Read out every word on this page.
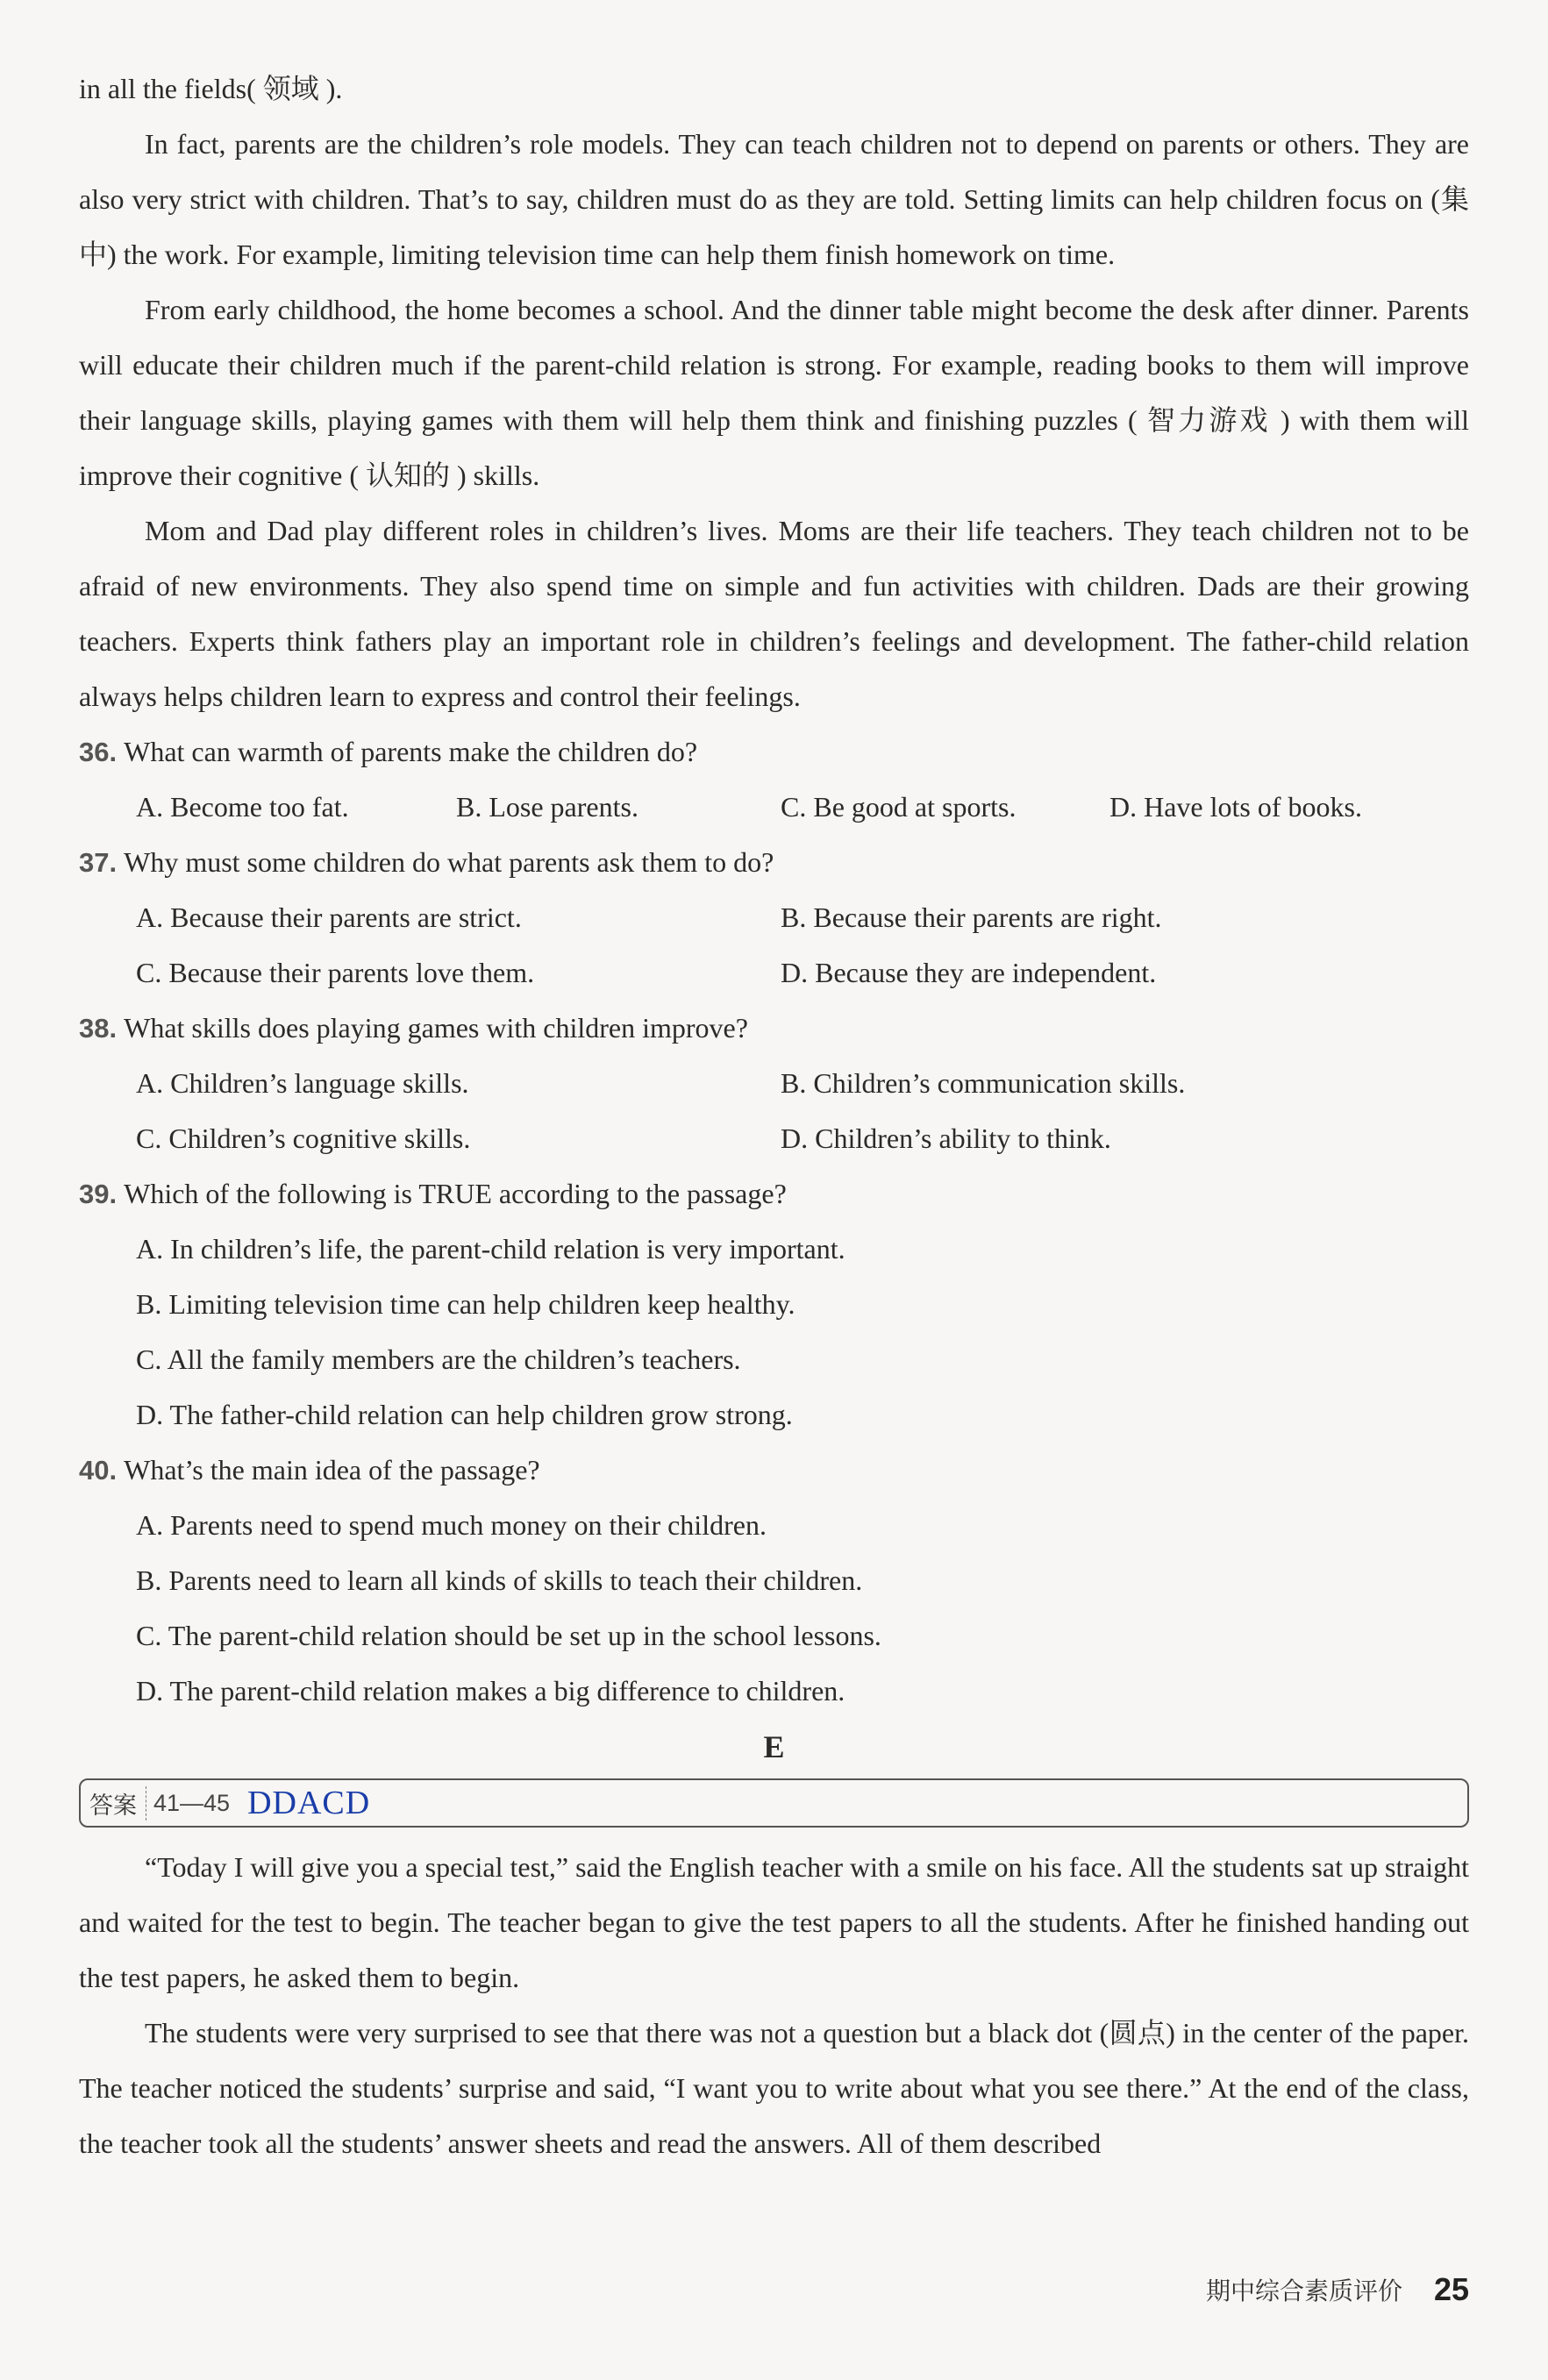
in all the fields( 领域 ).

In fact, parents are the children’s role models. They can teach children not to depend on parents or others. They are also very strict with children. That’s to say, children must do as they are told. Setting limits can help children focus on (集中) the work. For example, limiting television time can help them finish homework on time.

From early childhood, the home becomes a school. And the dinner table might become the desk after dinner. Parents will educate their children much if the parent-child relation is strong. For example, reading books to them will improve their language skills, playing games with them will help them think and finishing puzzles ( 智力游戏 ) with them will improve their cognitive ( 认知的 ) skills.

Mom and Dad play different roles in children’s lives. Moms are their life teachers. They teach children not to be afraid of new environments. They also spend time on simple and fun activities with children. Dads are their growing teachers. Experts think fathers play an important role in children’s feelings and development. The father-child relation always helps children learn to express and control their feelings.

36. What can warmth of parents make the children do?

A. Become too fat.	B. Lose parents.	C. Be good at sports.	D. Have lots of books.

37. Why must some children do what parents ask them to do?

A. Because their parents are strict.	B. Because their parents are right.
C. Because their parents love them.	D. Because they are independent.

38. What skills does playing games with children improve?

A. Children’s language skills.	B. Children’s communication skills.
C. Children’s cognitive skills.	D. Children’s ability to think.

39. Which of the following is TRUE according to the passage?

A. In children’s life, the parent-child relation is very important.

B. Limiting television time can help children keep healthy.

C. All the family members are the children’s teachers.

D. The father-child relation can help children grow strong.

40. What’s the main idea of the passage?

A. Parents need to spend much money on their children.

B. Parents need to learn all kinds of skills to teach their children.

C. The parent-child relation should be set up in the school lessons.

D. The parent-child relation makes a big difference to children.

E
答案 41—45 DDACD

“Today I will give you a special test,” said the English teacher with a smile on his face. All the students sat up straight and waited for the test to begin. The teacher began to give the test papers to all the students. After he finished handing out the test papers, he asked them to begin.

The students were very surprised to see that there was not a question but a black dot (圆点) in the center of the paper. The teacher noticed the students’ surprise and said, “I want you to write about what you see there.” At the end of the class, the teacher took all the students’ answer sheets and read the answers. All of them described

期中综合素质评价 25
